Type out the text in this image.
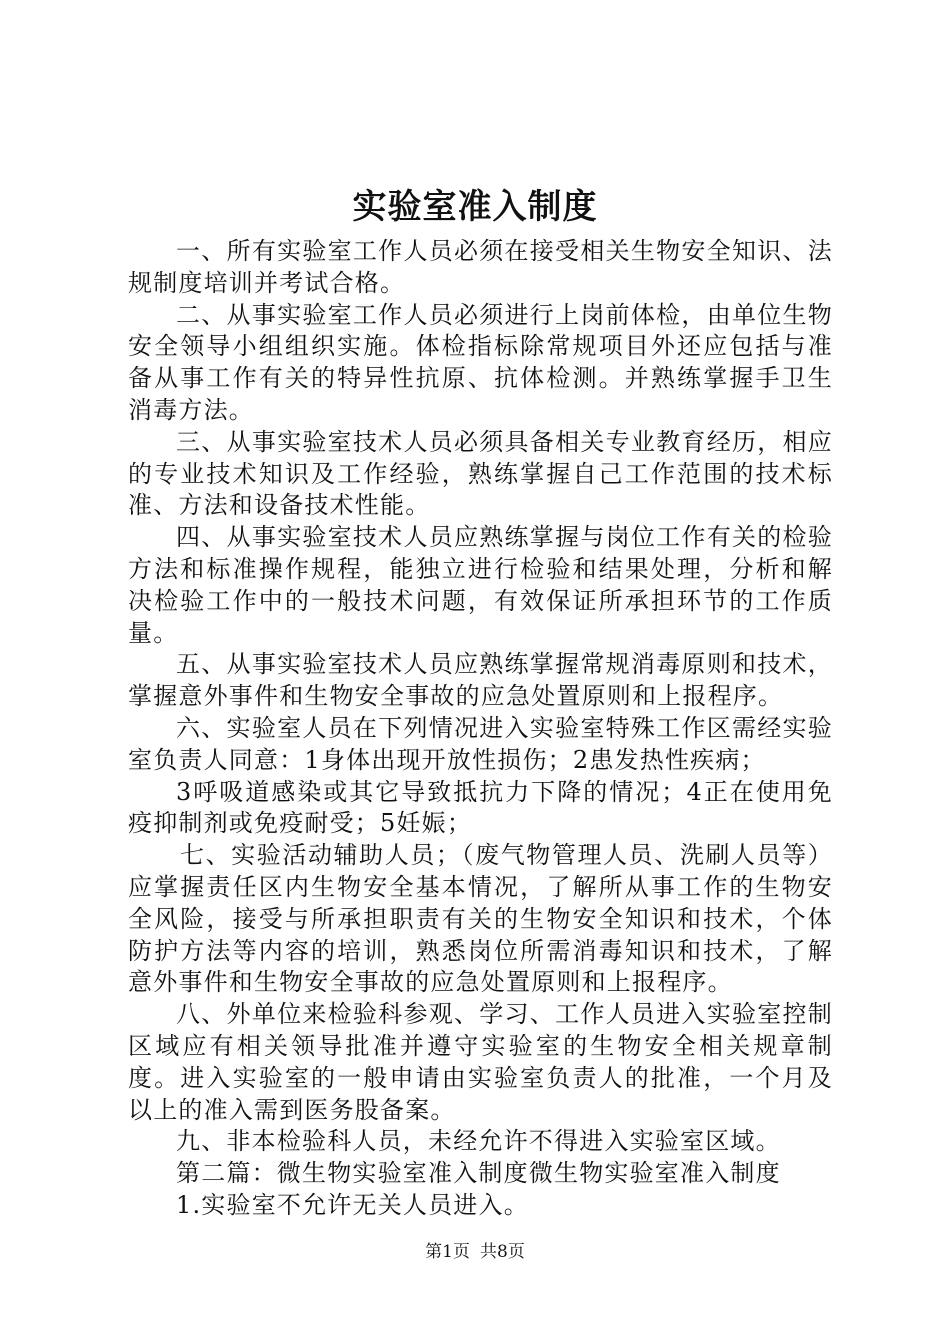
实验室准入制度

一、所有实验室工作人员必须在接受相关生物安全知识、法规制度培训并考试合格。

二、从事实验室工作人员必须进行上岗前体检，由单位生物安全领导小组组织实施。体检指标除常规项目外还应包括与准备从事工作有关的特异性抗原、抗体检测。并熟练掌握手卫生消毒方法。

三、从事实验室技术人员必须具备相关专业教育经历，相应的专业技术知识及工作经验，熟练掌握自己工作范围的技术标准、方法和设备技术性能。

四、从事实验室技术人员应熟练掌握与岗位工作有关的检验方法和标准操作规程，能独立进行检验和结果处理，分析和解决检验工作中的一般技术问题，有效保证所承担环节的工作质量。

五、从事实验室技术人员应熟练掌握常规消毒原则和技术，掌握意外事件和生物安全事故的应急处置原则和上报程序。

六、实验室人员在下列情况进入实验室特殊工作区需经实验室负责人同意：1身体出现开放性损伤；2患发热性疾病；

3呼吸道感染或其它导致抵抗力下降的情况；4正在使用免疫抑制剂或免疫耐受；5妊娠；

七、实验活动辅助人员；（废气物管理人员、洗刷人员等）应掌握责任区内生物安全基本情况，了解所从事工作的生物安全风险，接受与所承担职责有关的生物安全知识和技术，个体防护方法等内容的培训，熟悉岗位所需消毒知识和技术，了解意外事件和生物安全事故的应急处置原则和上报程序。

八、外单位来检验科参观、学习、工作人员进入实验室控制区域应有相关领导批准并遵守实验室的生物安全相关规章制度。进入实验室的一般申请由实验室负责人的批准，一个月及以上的准入需到医务股备案。

九、非本检验科人员，未经允许不得进入实验室区域。

第二篇：微生物实验室准入制度微生物实验室准入制度

1.实验室不允许无关人员进入。

第1页 共8页
